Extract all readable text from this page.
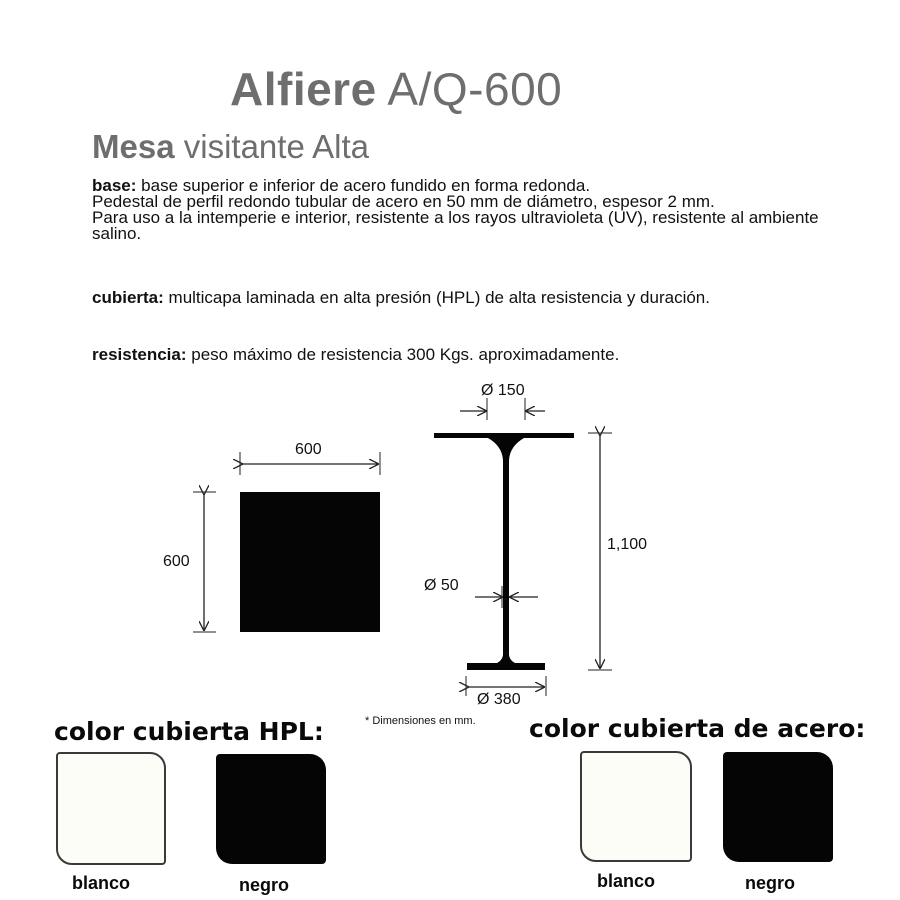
Alfiere A/Q-600
Mesa visitante Alta
base: base superior e inferior de acero fundido en forma redonda.
Pedestal de perfil redondo tubular de acero en 50 mm de diámetro, espesor 2 mm.
Para uso a la intemperie e interior, resistente a los rayos ultravioleta (UV), resistente al ambiente salino.
cubierta: multicapa laminada en alta presión (HPL) de alta resistencia y duración.
resistencia: peso máximo de resistencia 300 Kgs. aproximadamente.
600
600
Ø 150
Ø 50
Ø 380
1,100
* Dimensiones en mm.
color cubierta HPL:	color cubierta de acero:
blanco	negro	blanco	negro
